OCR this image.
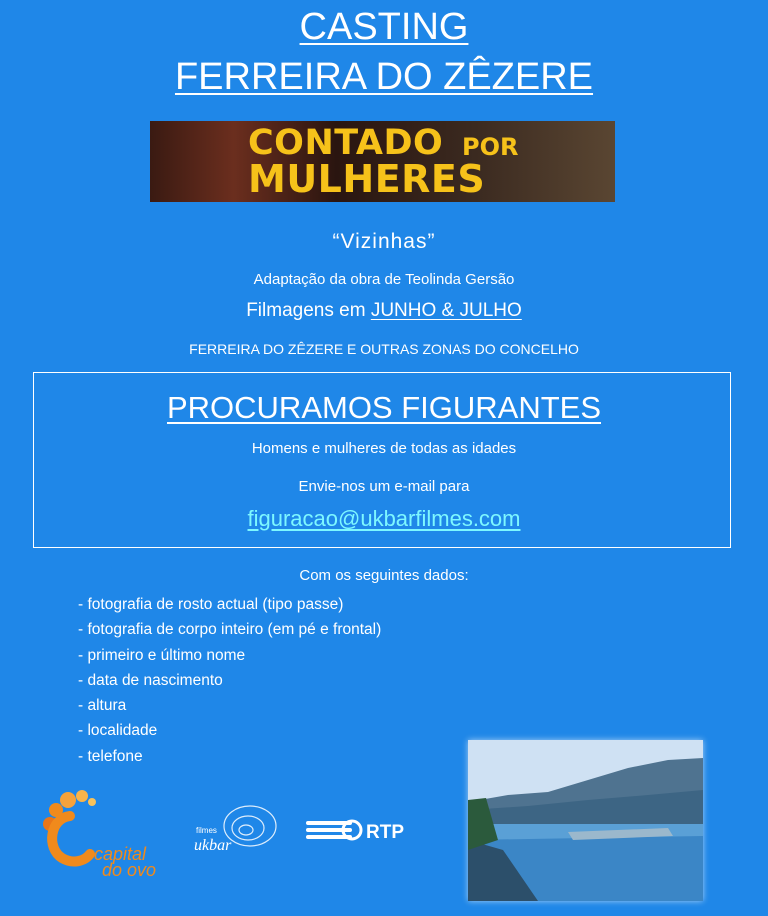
CASTING
FERREIRA DO ZÊZERE
CONTADO POR
MULHERES
“Vizinhas”
Adaptação da obra de Teolinda Gersão
Filmagens em JUNHO & JULHO
FERREIRA DO ZÊZERE E OUTRAS ZONAS DO CONCELHO
PROCURAMOS FIGURANTES
Homens e mulheres de todas as idades
Envie-nos um e-mail para
figuracao@ukbarfilmes.com
Com os seguintes dados:
- fotografia de rosto actual (tipo passe)
- fotografia de corpo inteiro (em pé e frontal)
- primeiro e último nome
- data de nascimento
- altura
- localidade
- telefone
capital
do ovo
filmes
ukbar
RTP
